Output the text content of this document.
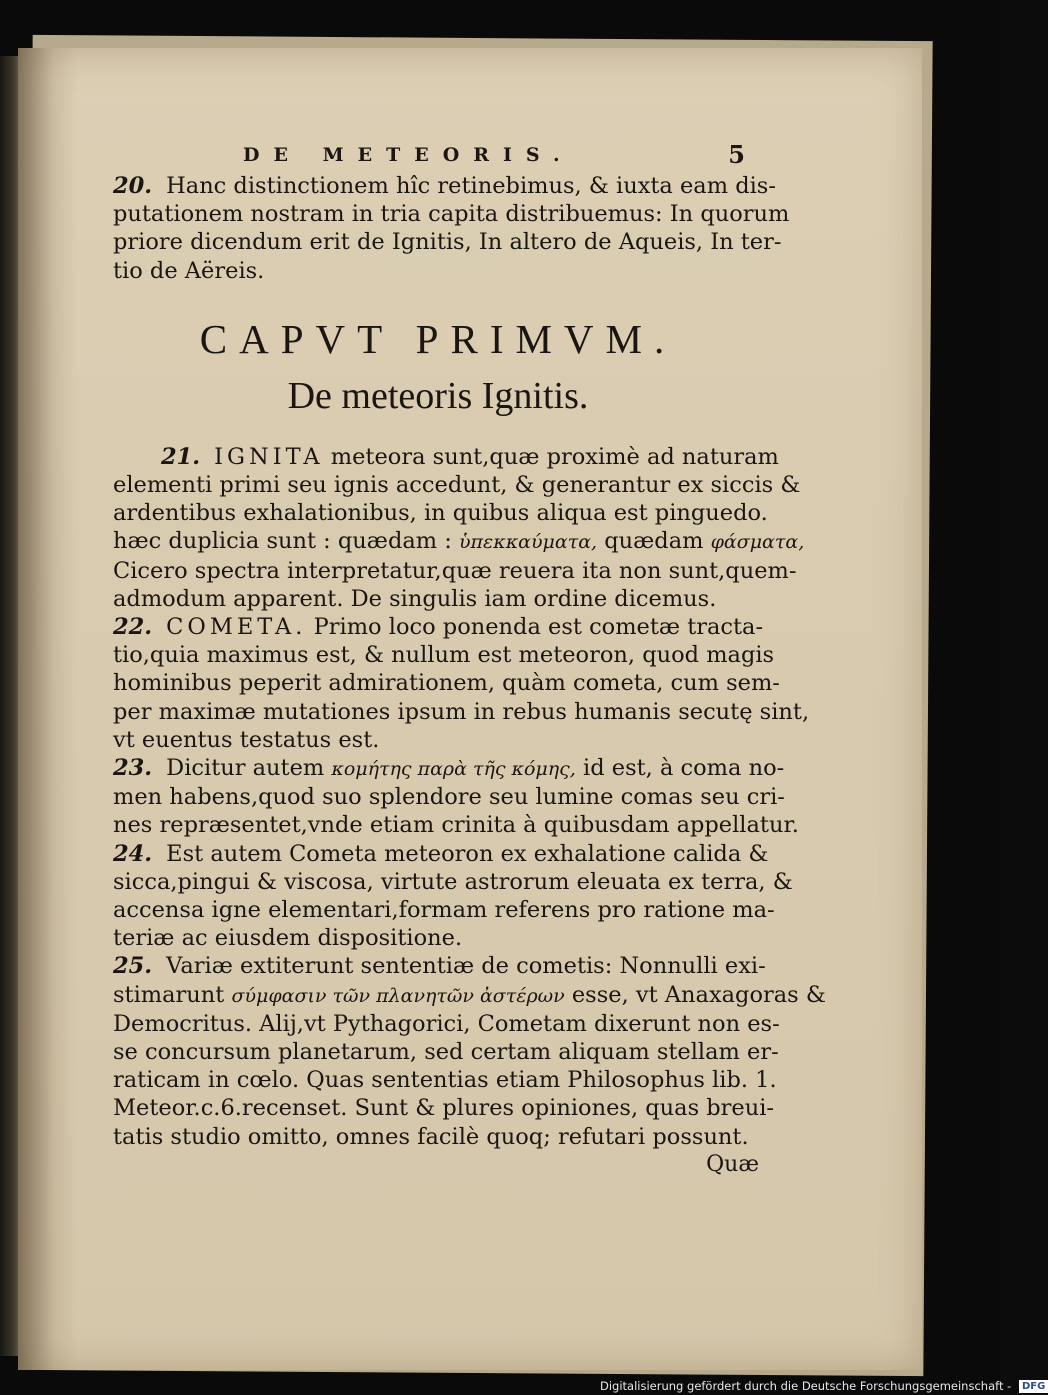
DE METEORIS.	5
20. Hanc distinctionem hîc retinebimus, & iuxta eam dis-
putationem nostram in tria capita distribuemus: In quorum
priore dicendum erit de Ignitis, In altero de Aqueis, In ter-
tio de Aëreis.
CAPVT PRIMVM.
De meteoris Ignitis.
21. IGNITA meteora sunt,quæ proximè ad naturam
elementi primi seu ignis accedunt, & generantur ex siccis &
ardentibus exhalationibus, in quibus aliqua est pinguedo.
hæc duplicia sunt : quædam : ὑπεκκαύματα, quædam φάσματα,
Cicero spectra interpretatur,quæ reuera ita non sunt,quem-
admodum apparent. De singulis iam ordine dicemus.
22. COMETA. Primo loco ponenda est cometæ tracta-
tio,quia maximus est, & nullum est meteoron, quod magis
hominibus peperit admirationem, quàm cometa, cum sem-
per maximæ mutationes ipsum in rebus humanis secutę sint,
vt euentus testatus est.
23. Dicitur autem κομήτης παρὰ τῆς κόμης, id est, à coma no-
men habens,quod suo splendore seu lumine comas seu cri-
nes repræsentet,vnde etiam crinita à quibusdam appellatur.
24. Est autem Cometa meteoron ex exhalatione calida &
sicca,pingui & viscosa, virtute astrorum eleuata ex terra, &
accensa igne elementari,formam referens pro ratione ma-
teriæ ac eiusdem dispositione.
25. Variæ extiterunt sententiæ de cometis: Nonnulli exi-
stimarunt σύμφασιν τῶν πλανητῶν ἀστέρων esse, vt Anaxagoras &
Democritus. Alij,vt Pythagorici, Cometam dixerunt non es-
se concursum planetarum, sed certam aliquam stellam er-
raticam in cœlo. Quas sententias etiam Philosophus lib. 1.
Meteor.c.6.recenset. Sunt & plures opiniones, quas breui-
tatis studio omitto, omnes facilè quoq; refutari possunt.
Quæ
Digitalisierung gefördert durch die Deutsche Forschungsgemeinschaft - DFG
